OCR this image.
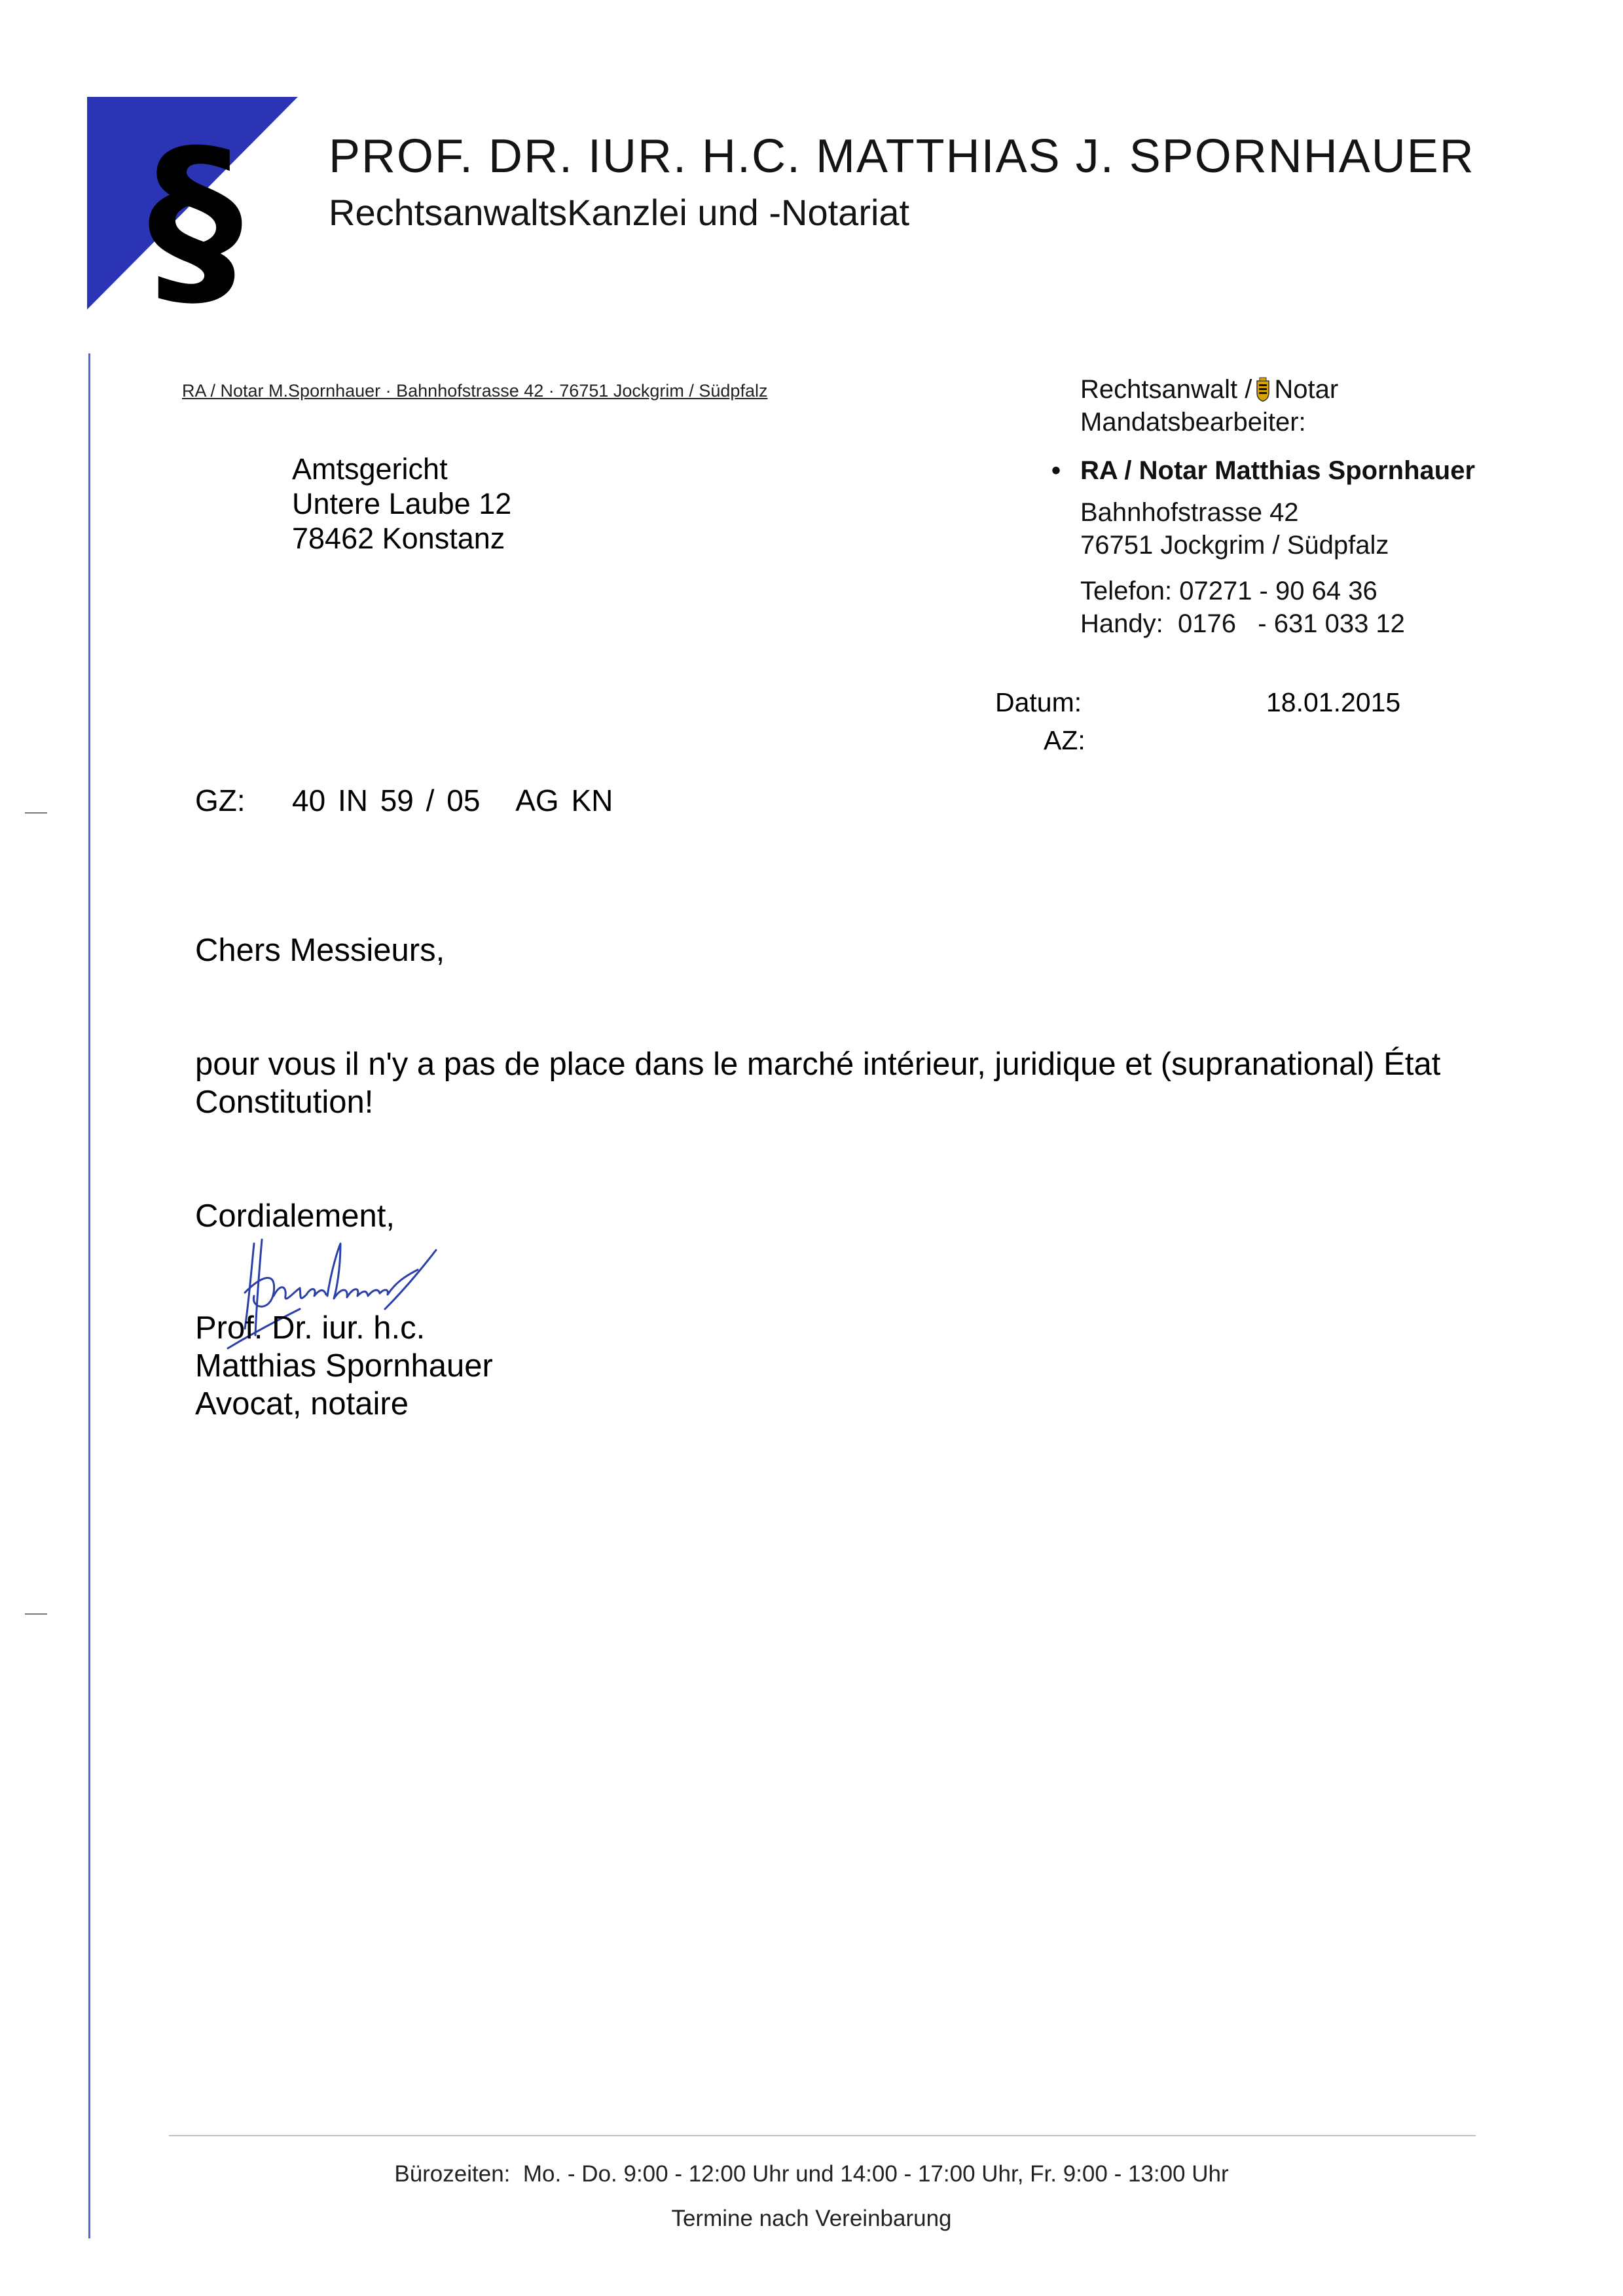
§ PROF. DR. IUR. H.C. MATTHIAS J. SPORNHAUER
RechtsanwaltsKanzlei und -Notariat
RA / Notar M.Spornhauer · Bahnhofstrasse 42 · 76751 Jockgrim / Südpfalz
Amtsgericht
Untere Laube 12
78462 Konstanz
Rechtsanwalt / Notar
Mandatsbearbeiter:
• RA / Notar Matthias Spornhauer
Bahnhofstrasse 42
76751 Jockgrim / Südpfalz
Telefon: 07271 - 90 64 36
Handy:  0176   - 631 033 12
Datum:	18.01.2015
AZ:
GZ: 40 IN 59 / 05   AG KN
Chers Messieurs,
pour vous il n'y a pas de place dans le marché intérieur, juridique et (supranational) État Constitution!
Cordialement,
Prof. Dr. iur. h.c.
Matthias Spornhauer
Avocat, notaire
Bürozeiten:  Mo. - Do. 9:00 - 12:00 Uhr und 14:00 - 17:00 Uhr, Fr. 9:00 - 13:00 Uhr
Termine nach Vereinbarung
